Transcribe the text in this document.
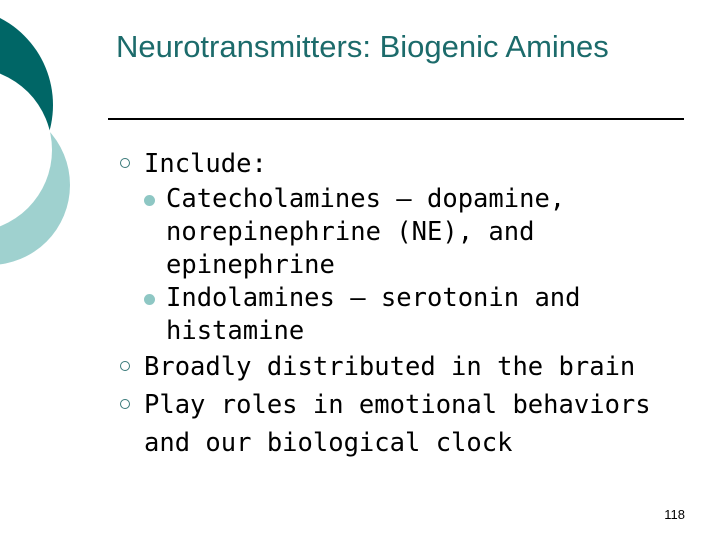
Neurotransmitters: Biogenic Amines
Include:
Catecholamines – dopamine, norepinephrine (NE), and epinephrine
Indolamines – serotonin and histamine
Broadly distributed in the brain
Play roles in emotional behaviors and our biological clock
118
